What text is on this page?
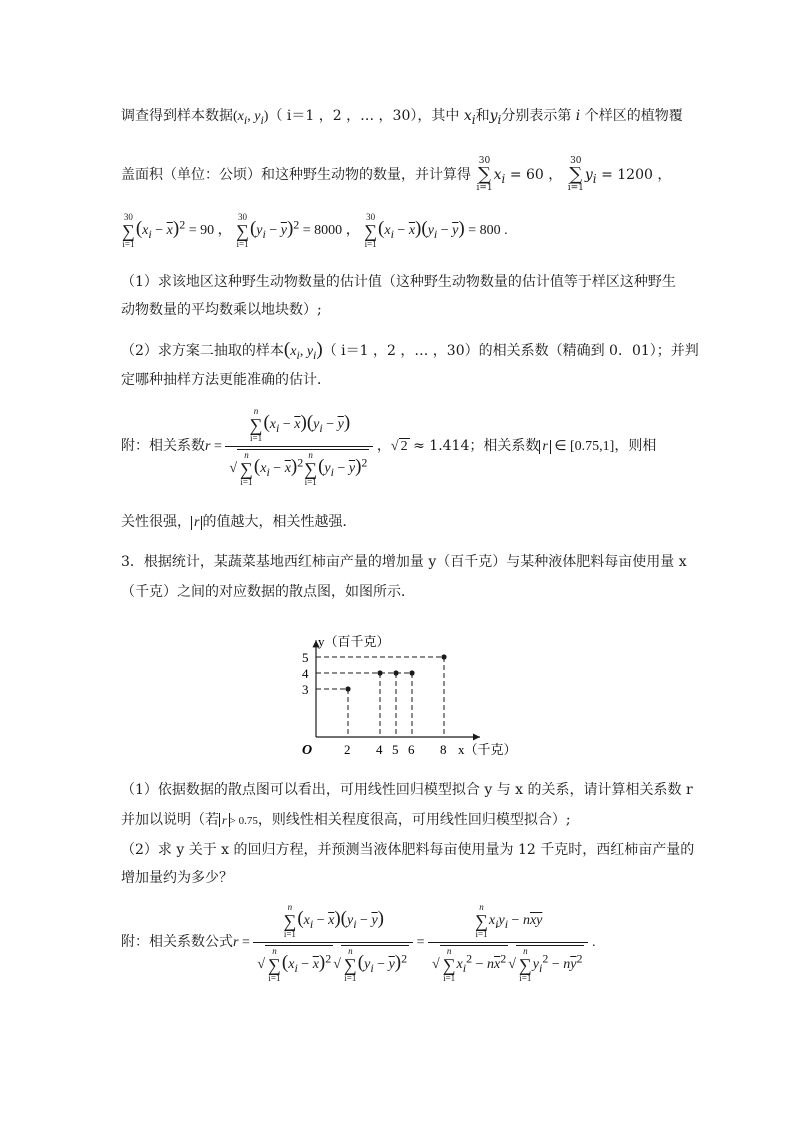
调查得到样本数据($x_i$, $y_i$)（ i＝1 ，2 ，… ，30），其中 $x_i$和$y_i$分别表示第 i 个样区的植物覆
盖面积（单位：公顷）和这种野生动物的数量，并计算得
30
∑
i=1
$x_i = 60$ ，
30
∑
i=1
$y_i = 1200$ ，
30
∑
i=1
$(x_i - \overline{x})^2 = 90$ ，
30
∑
i=1
$(y_i - \overline{y})^2 = 8000$ ，
30
∑
i=1
$(x_i - \overline{x})(y_i - \overline{y}) = 800$ .
（1）求该地区这种野生动物数量的估计值（这种野生动物数量的估计值等于样区这种野生
动物数量的平均数乘以地块数）;
（2）求方案二抽取的样本($x_i$, $y_i$)（ i＝1 ，2 ，… ，30）的相关系数（精确到 0．01）；并判
定哪种抽样方法更能准确的估计．
附：相关系数r = n
∑
i=1
$(x_i - \overline{x})(y_i - \overline{y})$
√
n
∑
i=1
$(x_i - \overline{x})^2$
n
∑
i=1
$(y_i - \overline{y})^2$ ，√ 2 ≈ 1.414；相关系数 r ∈ [0.75,1]，则相
关性很强， r 的值越大，相关性越强．
3．根据统计，某蔬菜基地西红柿亩产量的增加量 y（百千克）与某种液体肥料每亩使用量 x
（千克）之间的对应数据的散点图，如图所示．
x（千克）
y（百千克）
O
3
4
5
2 4 5 6 8
（1）依据数据的散点图可以看出，可用线性回归模型拟合 y 与 x 的关系，请计算相关系数 r
并加以说明（若 r > 0.75，则线性相关程度很高，可用线性回归模型拟合）;
（2）求 y 关于 x 的回归方程，并预测当液体肥料每亩使用量为 12 千克时，西红柿亩产量的
增加量约为多少？
附：相关系数公式r = n
∑
i=1
$(x_i - \overline{x})(y_i - \overline{y})$
√
n
∑
i=1
$(x_i - \overline{x})^2$ √
n
∑
i=1
$(y_i - \overline{y})^2 = n$
∑
i=1
$x_iy_i - n\overline{xy}$
√
n
∑
i=1
$x_i^2 - n\overline{x}^2$ √
n
∑
i=1
$y_i^2 - n\overline{y}^2$ .
